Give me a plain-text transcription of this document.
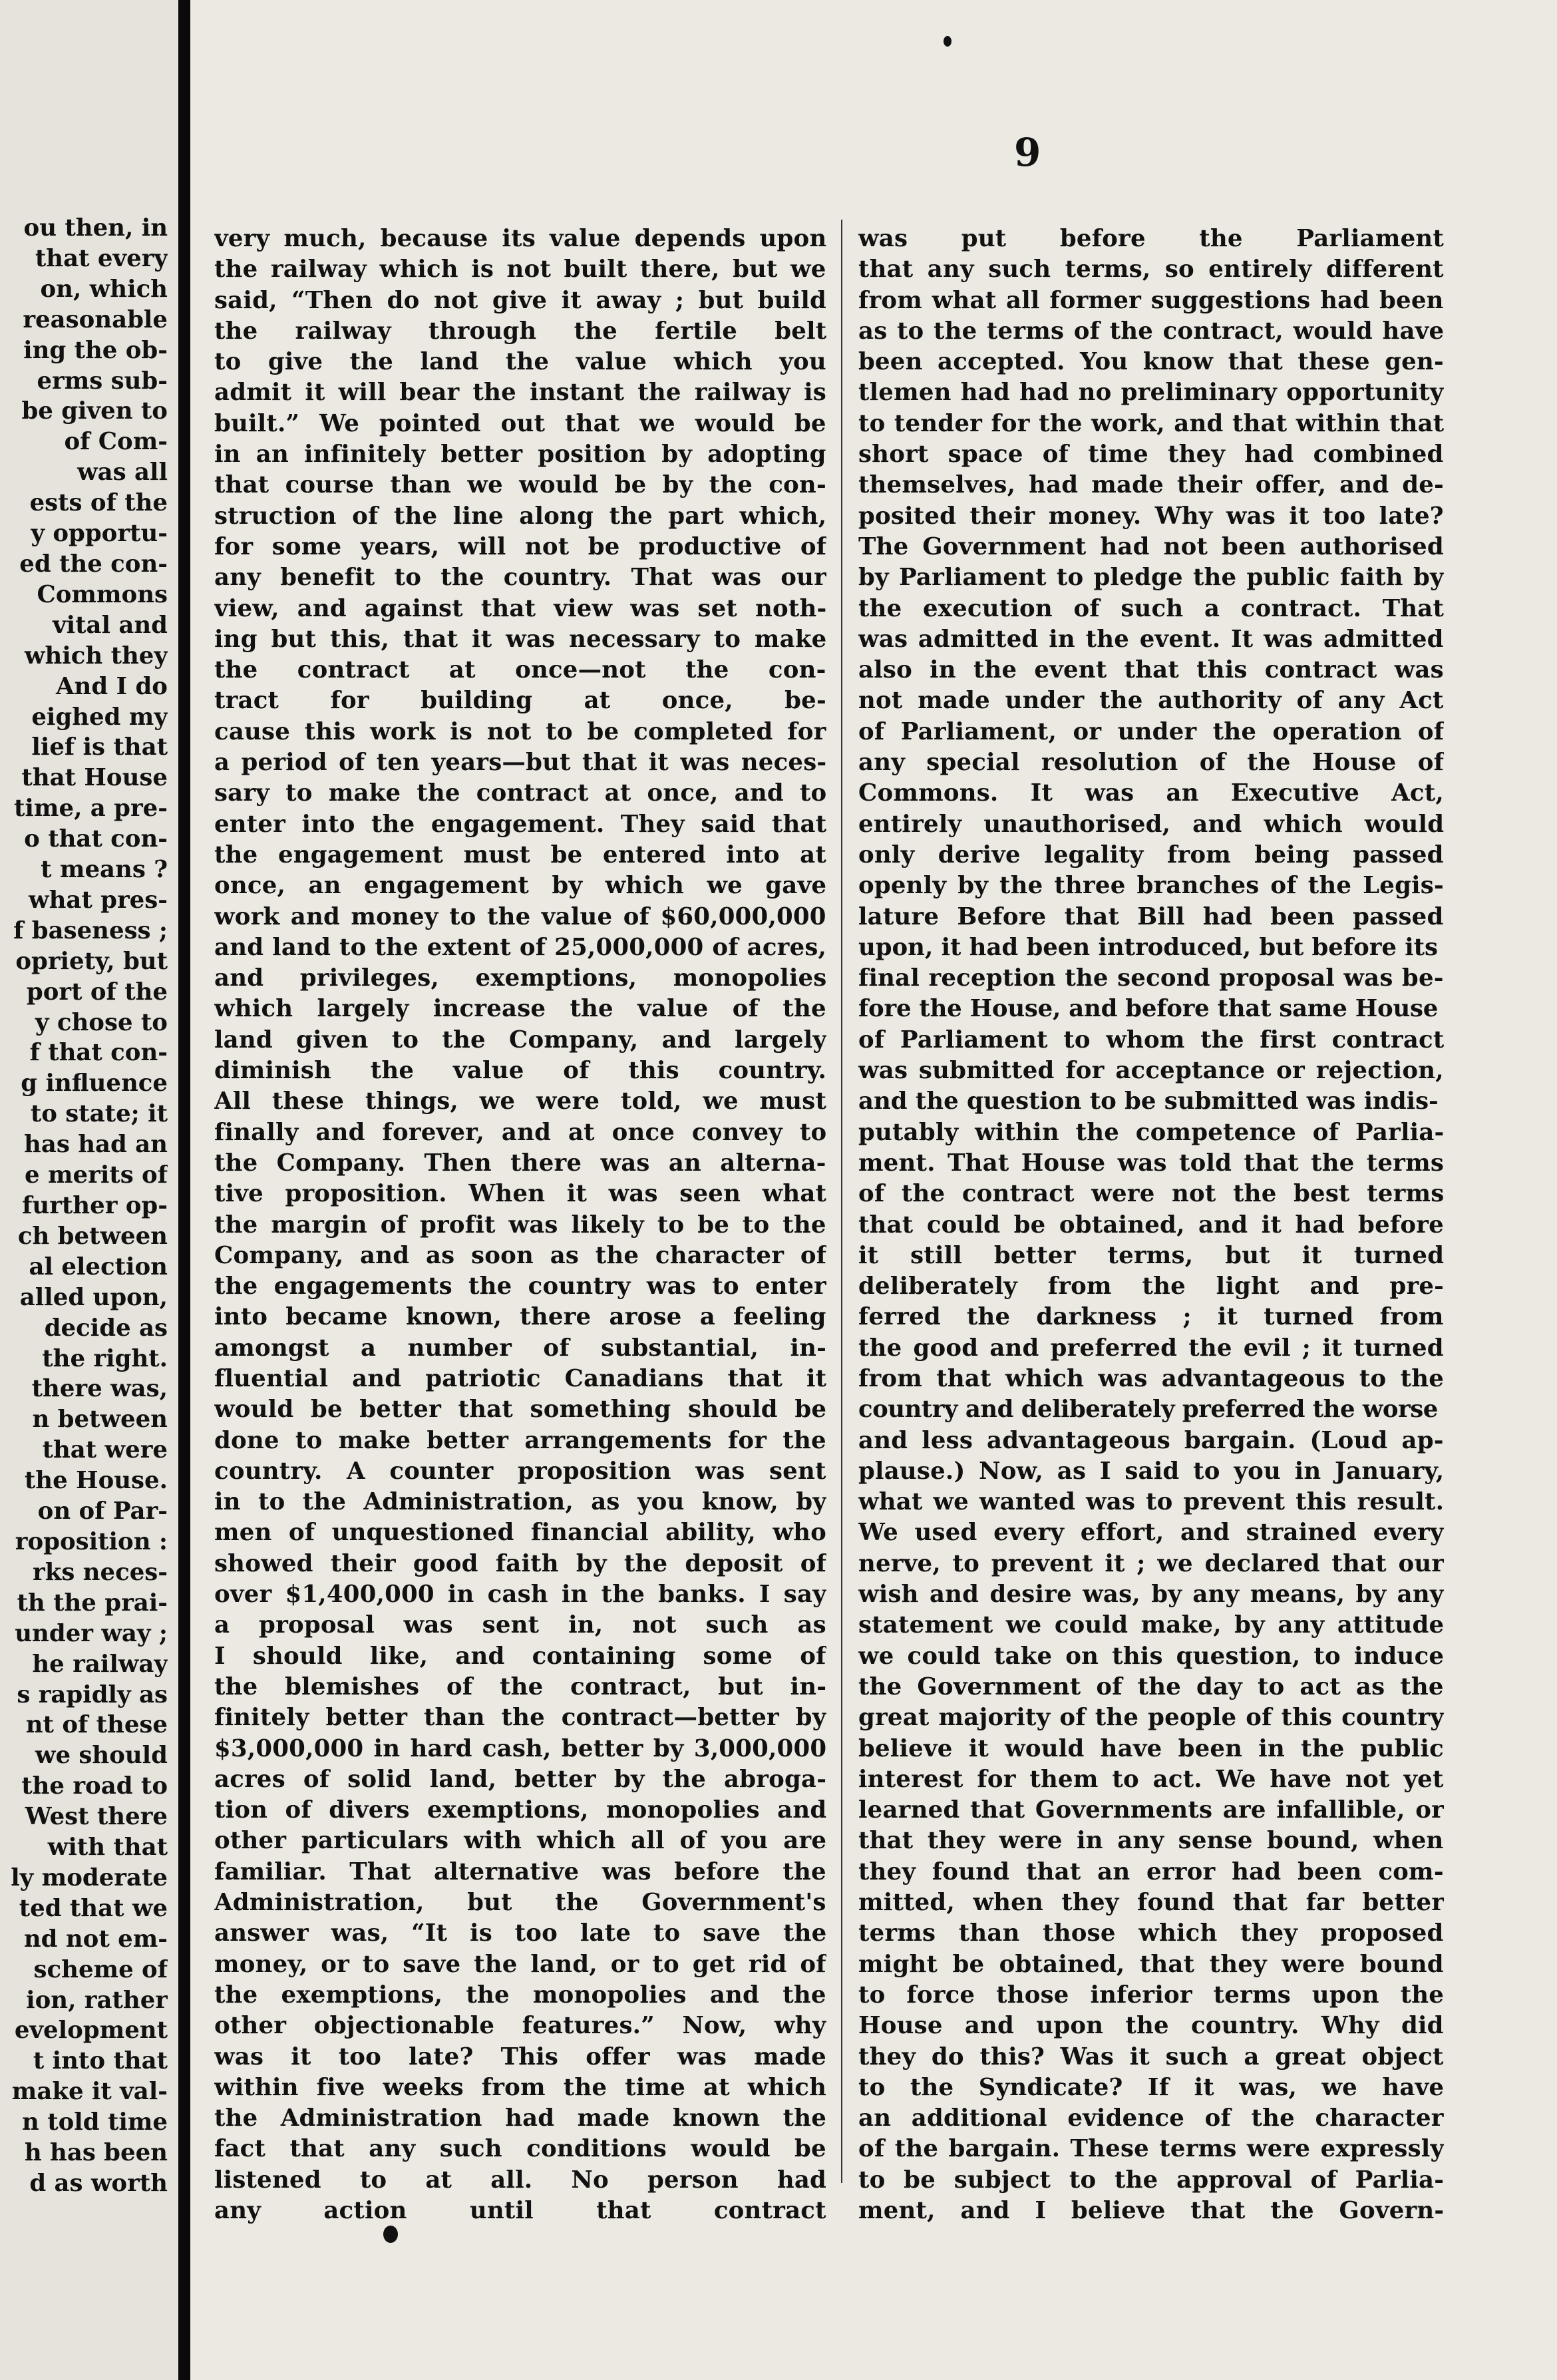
ou then, in
that every
on, which
reasonable
ing the ob-
erms sub-
be given to
of Com-
was all
ests of the
y opportu-
ed the con-
Commons
vital and
which they
And I do
eighed my
lief is that
that House
time, a pre-
o that con-
t means ?
what pres-
f baseness ;
opriety, but
port of the
y chose to
f that con-
g influence
to state; it
has had an
e merits of
further op-
ch between
al election
alled upon,
decide as
the right.
there was,
n between
that were
the House.
on of Par-
roposition :
rks neces-
th the prai-
under way ;
he railway
s rapidly as
nt of these
we should
the road to
West there
with that
ly moderate
ted that we
nd not em-
scheme of
ion, rather
evelopment
t into that
make it val-
n told time
h has been
d as worth
9
very much, because its value depends upon
the railway which is not built there, but we
said, “Then do not give it away ; but build
the railway through the fertile belt
to give the land the value which you
admit it will bear the instant the railway is
built.” We pointed out that we would be
in an infinitely better position by adopting
that course than we would be by the con-
struction of the line along the part which,
for some years, will not be productive of
any benefit to the country. That was our
view, and against that view was set noth-
ing but this, that it was necessary to make
the contract at once—not the con-
tract for building at once, be-
cause this work is not to be completed for
a period of ten years—but that it was neces-
sary to make the contract at once, and to
enter into the engagement. They said that
the engagement must be entered into at
once, an engagement by which we gave
work and money to the value of $60,000,000
and land to the extent of 25,000,000 of acres,
and privileges, exemptions, monopolies
which largely increase the value of the
land given to the Company, and largely
diminish the value of this country.
All these things, we were told, we must
finally and forever, and at once convey to
the Company. Then there was an alterna-
tive proposition. When it was seen what
the margin of profit was likely to be to the
Company, and as soon as the character of
the engagements the country was to enter
into became known, there arose a feeling
amongst a number of substantial, in-
fluential and patriotic Canadians that it
would be better that something should be
done to make better arrangements for the
country. A counter proposition was sent
in to the Administration, as you know, by
men of unquestioned financial ability, who
showed their good faith by the deposit of
over $1,400,000 in cash in the banks. I say
a proposal was sent in, not such as
I should like, and containing some of
the blemishes of the contract, but in-
finitely better than the contract—better by
$3,000,000 in hard cash, better by 3,000,000
acres of solid land, better by the abroga-
tion of divers exemptions, monopolies and
other particulars with which all of you are
familiar. That alternative was before the
Administration, but the Government's
answer was, “It is too late to save the
money, or to save the land, or to get rid of
the exemptions, the monopolies and the
other objectionable features.” Now, why
was it too late? This offer was made
within five weeks from the time at which
the Administration had made known the
fact that any such conditions would be
listened to at all. No person had
any action until that contract
was put before the Parliament
that any such terms, so entirely different
from what all former suggestions had been
as to the terms of the contract, would have
been accepted. You know that these gen-
tlemen had had no preliminary opportunity
to tender for the work, and that within that
short space of time they had combined
themselves, had made their offer, and de-
posited their money. Why was it too late?
The Government had not been authorised
by Parliament to pledge the public faith by
the execution of such a contract. That
was admitted in the event. It was admitted
also in the event that this contract was
not made under the authority of any Act
of Parliament, or under the operation of
any special resolution of the House of
Commons. It was an Executive Act,
entirely unauthorised, and which would
only derive legality from being passed
openly by the three branches of the Legis-
lature Before that Bill had been passed
upon, it had been introduced, but before its
final reception the second proposal was be-
fore the House, and before that same House
of Parliament to whom the first contract
was submitted for acceptance or rejection,
and the question to be submitted was indis-
putably within the competence of Parlia-
ment. That House was told that the terms
of the contract were not the best terms
that could be obtained, and it had before
it still better terms, but it turned
deliberately from the light and pre-
ferred the darkness ; it turned from
the good and preferred the evil ; it turned
from that which was advantageous to the
country and deliberately preferred the worse
and less advantageous bargain. (Loud ap-
plause.) Now, as I said to you in January,
what we wanted was to prevent this result.
We used every effort, and strained every
nerve, to prevent it ; we declared that our
wish and desire was, by any means, by any
statement we could make, by any attitude
we could take on this question, to induce
the Government of the day to act as the
great majority of the people of this country
believe it would have been in the public
interest for them to act. We have not yet
learned that Governments are infallible, or
that they were in any sense bound, when
they found that an error had been com-
mitted, when they found that far better
terms than those which they proposed
might be obtained, that they were bound
to force those inferior terms upon the
House and upon the country. Why did
they do this? Was it such a great object
to the Syndicate? If it was, we have
an additional evidence of the character
of the bargain. These terms were expressly
to be subject to the approval of Parlia-
ment, and I believe that the Govern-
